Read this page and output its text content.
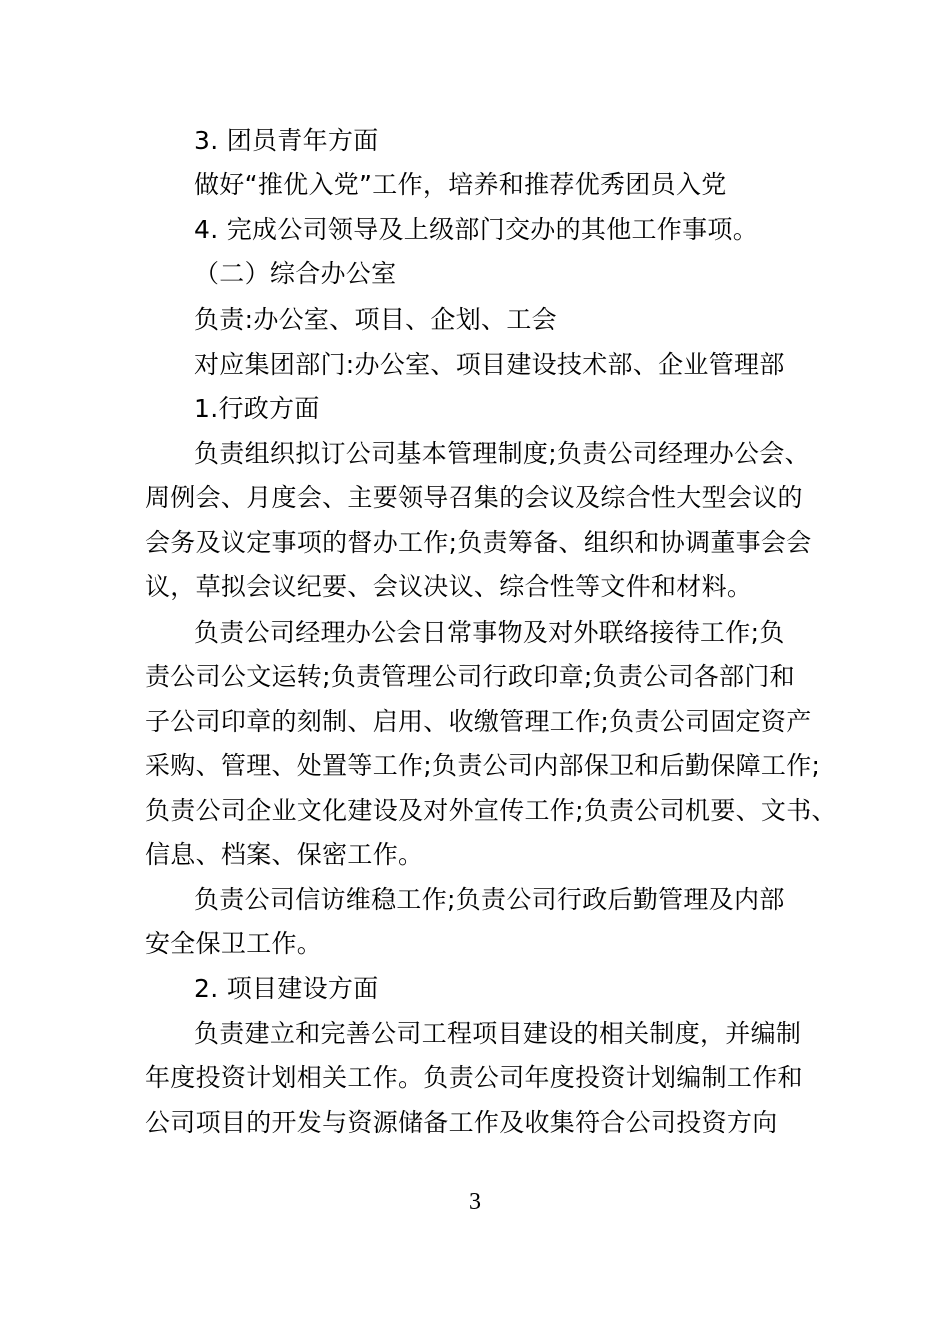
3. 团员青年方面
做好“推优入党”工作，培养和推荐优秀团员入党
4. 完成公司领导及上级部门交办的其他工作事项。
（二）综合办公室
负责:办公室、项目、企划、工会
对应集团部门:办公室、项目建设技术部、企业管理部
1.行政方面
负责组织拟订公司基本管理制度;负责公司经理办公会、
周例会、月度会、主要领导召集的会议及综合性大型会议的
会务及议定事项的督办工作;负责筹备、组织和协调董事会会
议，草拟会议纪要、会议决议、综合性等文件和材料。
负责公司经理办公会日常事物及对外联络接待工作;负
责公司公文运转;负责管理公司行政印章;负责公司各部门和
子公司印章的刻制、启用、收缴管理工作;负责公司固定资产
采购、管理、处置等工作;负责公司内部保卫和后勤保障工作;
负责公司企业文化建设及对外宣传工作;负责公司机要、文书、
信息、档案、保密工作。
负责公司信访维稳工作;负责公司行政后勤管理及内部
安全保卫工作。
2. 项目建设方面
负责建立和完善公司工程项目建设的相关制度，并编制
年度投资计划相关工作。负责公司年度投资计划编制工作和
公司项目的开发与资源储备工作及收集符合公司投资方向
3
